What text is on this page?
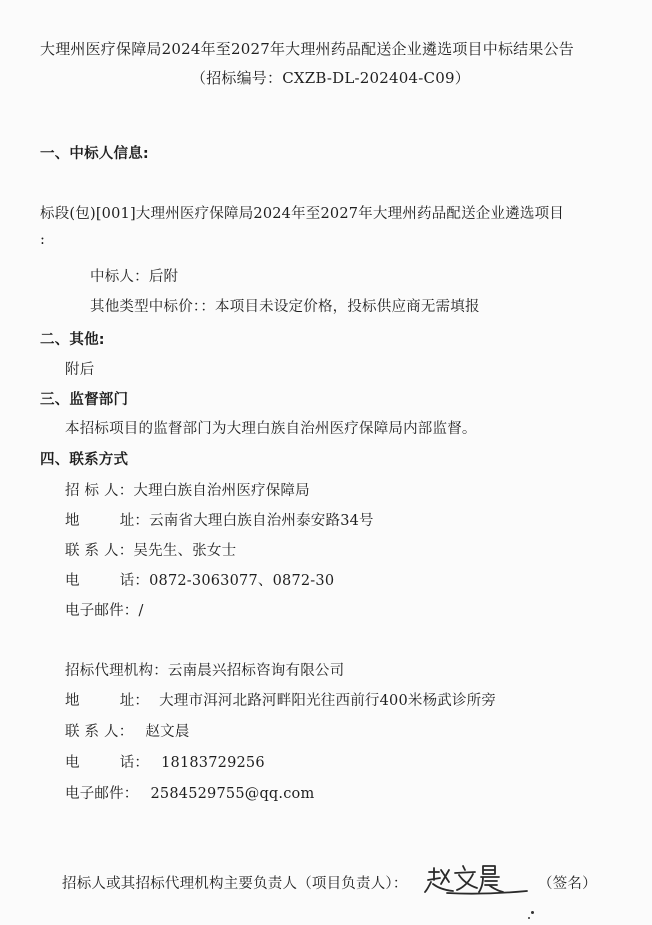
大理州医疗保障局2024年至2027年大理州药品配送企业遴选项目中标结果公告
（招标编号：CXZB-DL-202404-C09）
一、中标人信息:
标段(包)[001]大理州医疗保障局2024年至2027年大理州药品配送企业遴选项目
:
中标人：后附
其他类型中标价：：本项目未设定价格，投标供应商无需填报
二、其他:
附后
三、监督部门
本招标项目的监督部门为大理白族自治州医疗保障局内部监督。
四、联系方式
招 标 人：大理白族自治州医疗保障局
地	址：云南省大理白族自治州泰安路34号
联 系 人：吴先生、张女士
电	话：0872-3063077、0872-30
电子邮件：/
招标代理机构：云南晨兴招标咨询有限公司
地	址： 大理市洱河北路河畔阳光往西前行400米杨武诊所旁
联 系 人： 赵文晨
电	话： 18183729256
电子邮件： 2584529755@qq.com
招标人或其招标代理机构主要负责人（项目负责人）：	（签名）
